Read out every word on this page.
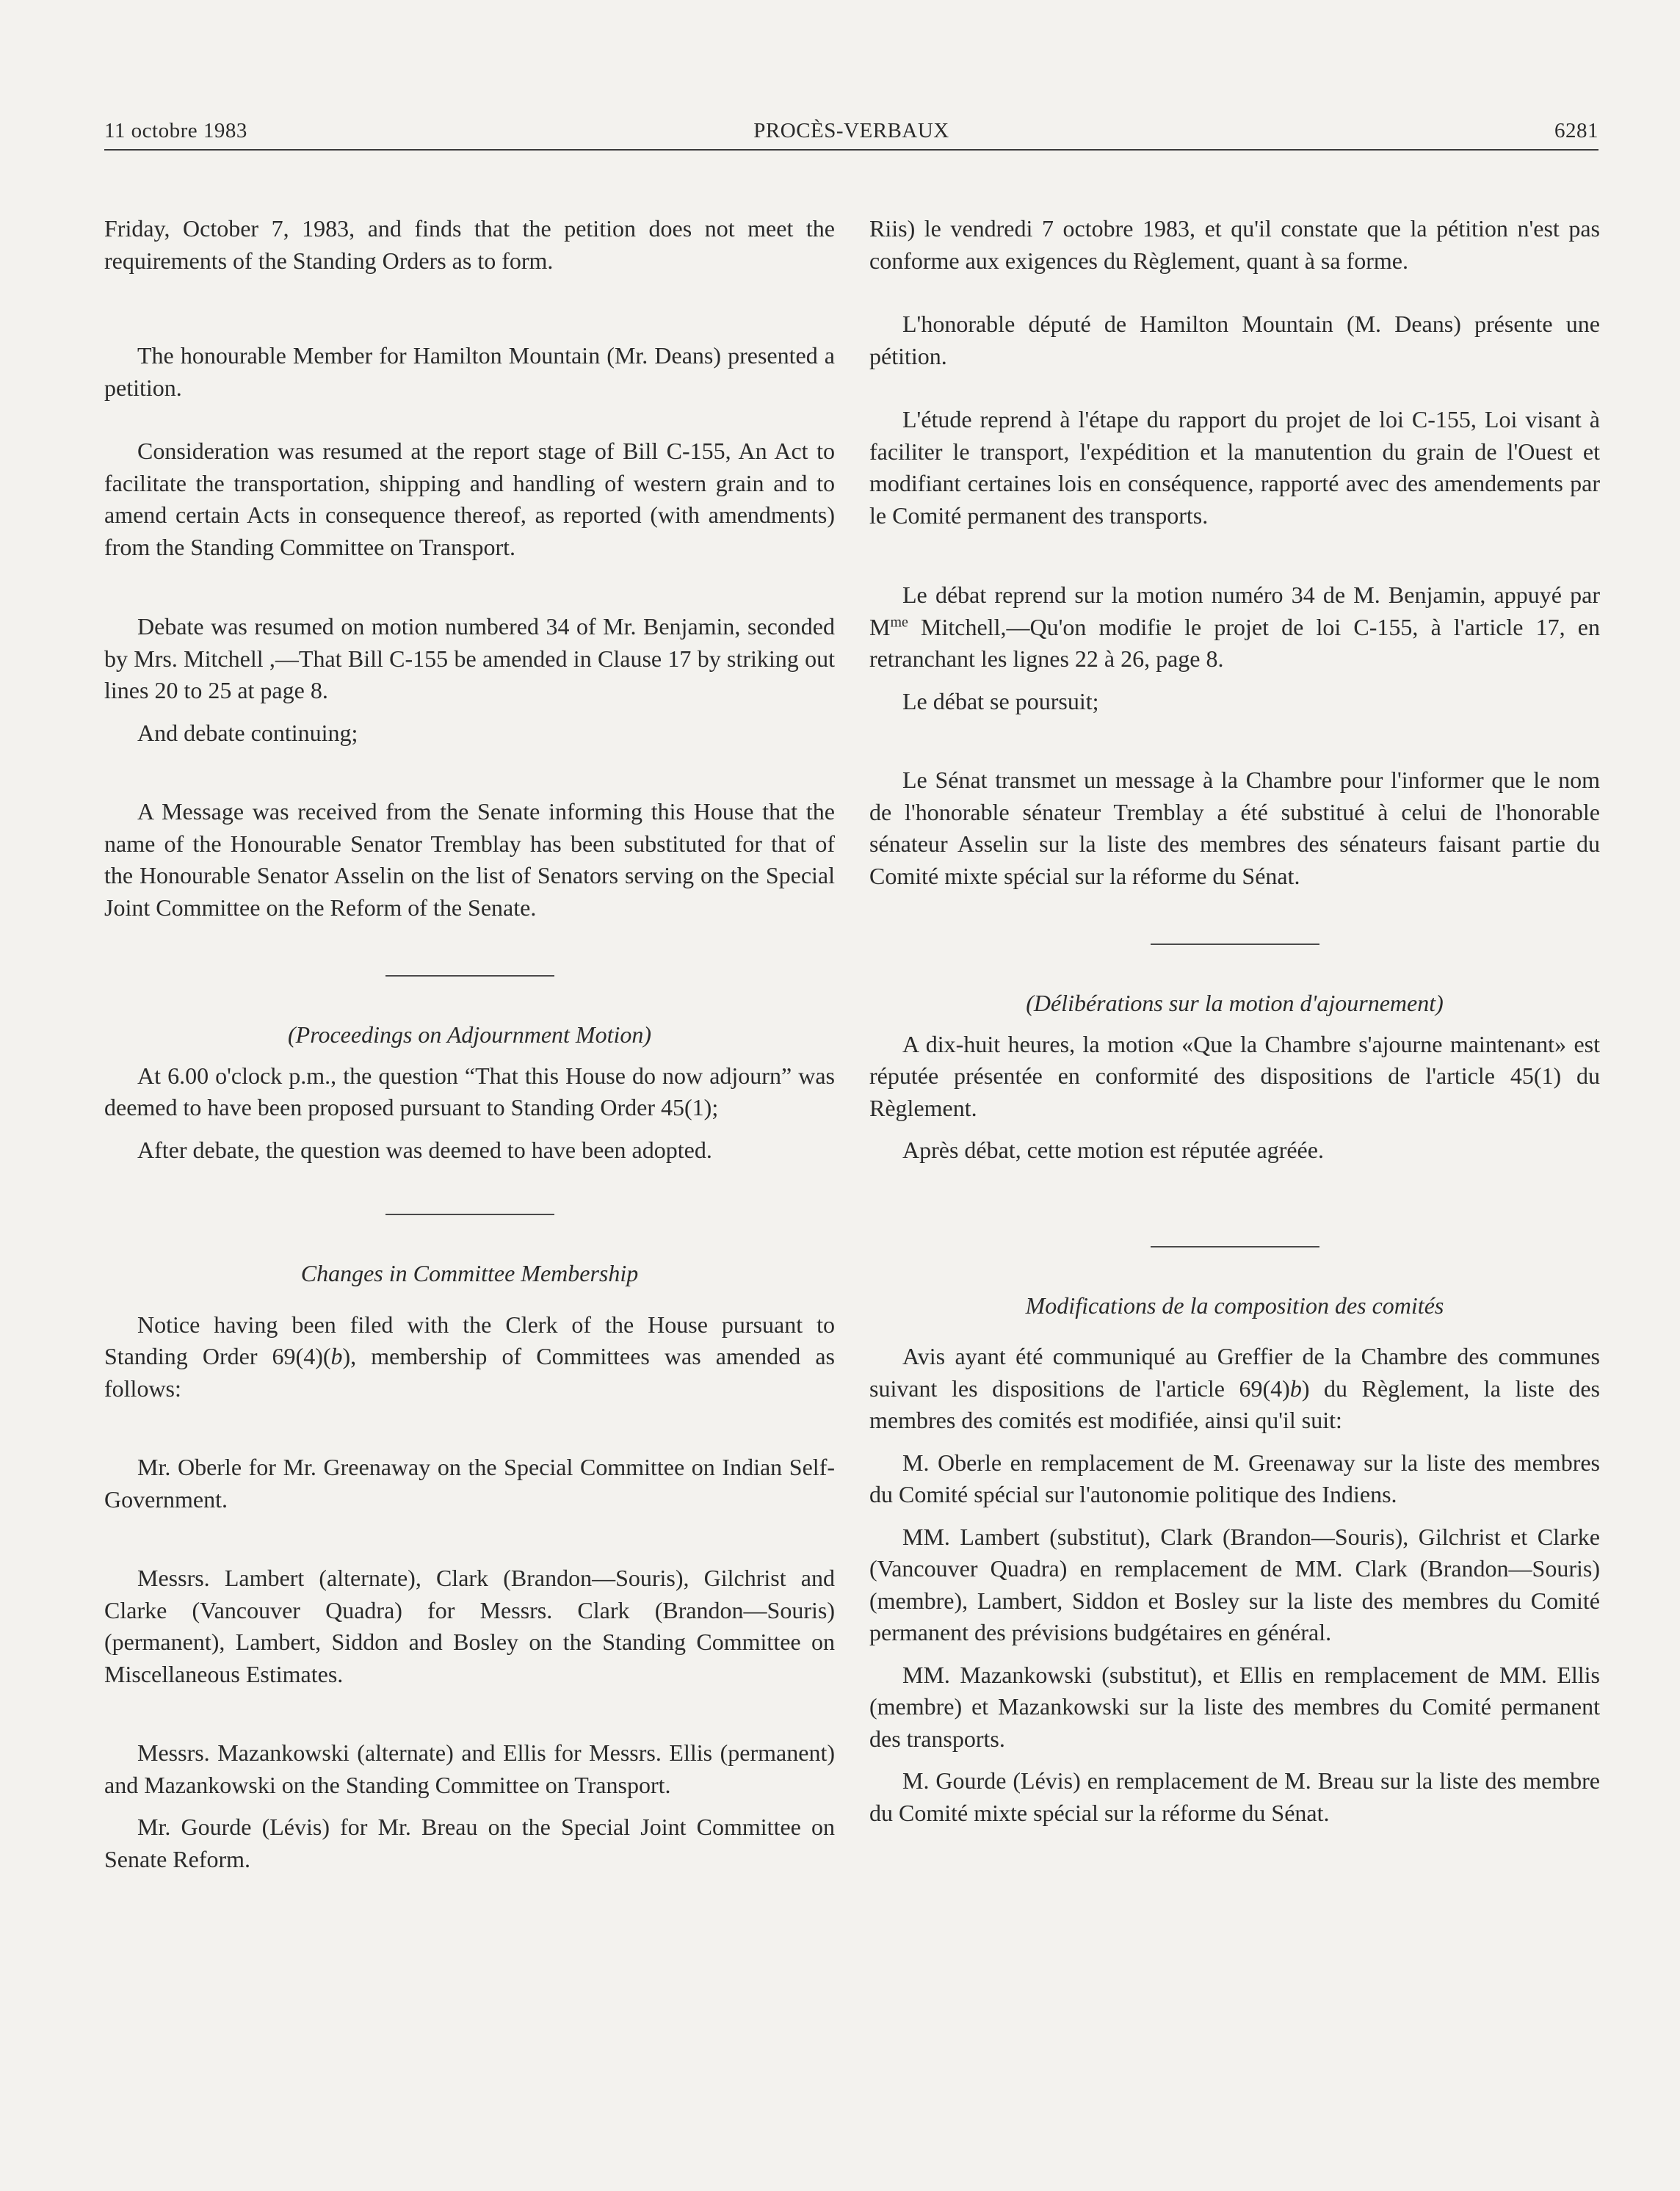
11 octobre 1983	PROCÈS-VERBAUX	6281

Friday, October 7, 1983, and finds that the petition does not meet the requirements of the Standing Orders as to form.

The honourable Member for Hamilton Mountain (Mr. Deans) presented a petition.

Consideration was resumed at the report stage of Bill C-155, An Act to facilitate the transportation, shipping and handling of western grain and to amend certain Acts in consequence thereof, as reported (with amendments) from the Standing Committee on Transport.

Debate was resumed on motion numbered 34 of Mr. Benjamin, seconded by Mrs. Mitchell ,—That Bill C-155 be amended in Clause 17 by striking out lines 20 to 25 at page 8.

And debate continuing;

A Message was received from the Senate informing this House that the name of the Honourable Senator Tremblay has been substituted for that of the Honourable Senator Asselin on the list of Senators serving on the Special Joint Committee on the Reform of the Senate.

(Proceedings on Adjournment Motion)

At 6.00 o'clock p.m., the question “That this House do now adjourn” was deemed to have been proposed pursuant to Standing Order 45(1);

After debate, the question was deemed to have been adopted.

Changes in Committee Membership

Notice having been filed with the Clerk of the House pursuant to Standing Order 69(4)(b), membership of Committees was amended as follows:

Mr. Oberle for Mr. Greenaway on the Special Committee on Indian Self-Government.

Messrs. Lambert (alternate), Clark (Brandon—Souris), Gilchrist and Clarke (Vancouver Quadra) for Messrs. Clark (Brandon—Souris) (permanent), Lambert, Siddon and Bosley on the Standing Committee on Miscellaneous Estimates.

Messrs. Mazankowski (alternate) and Ellis for Messrs. Ellis (permanent) and Mazankowski on the Standing Committee on Transport.

Mr. Gourde (Lévis) for Mr. Breau on the Special Joint Committee on Senate Reform.

Riis) le vendredi 7 octobre 1983, et qu'il constate que la pétition n'est pas conforme aux exigences du Règlement, quant à sa forme.

L'honorable député de Hamilton Mountain (M. Deans) présente une pétition.

L'étude reprend à l'étape du rapport du projet de loi C-155, Loi visant à faciliter le transport, l'expédition et la manutention du grain de l'Ouest et modifiant certaines lois en conséquence, rapporté avec des amendements par le Comité permanent des transports.

Le débat reprend sur la motion numéro 34 de M. Benjamin, appuyé par $M^{me}$ Mitchell,—Qu'on modifie le projet de loi C-155, à l'article 17, en retranchant les lignes 22 à 26, page 8.

Le débat se poursuit;

Le Sénat transmet un message à la Chambre pour l'informer que le nom de l'honorable sénateur Tremblay a été substitué à celui de l'honorable sénateur Asselin sur la liste des membres des sénateurs faisant partie du Comité mixte spécial sur la réforme du Sénat.

(Délibérations sur la motion d'ajournement)

A dix-huit heures, la motion «Que la Chambre s'ajourne maintenant» est réputée présentée en conformité des dispositions de l'article 45(1) du Règlement.

Après débat, cette motion est réputée agréée.

Modifications de la composition des comités

Avis ayant été communiqué au Greffier de la Chambre des communes suivant les dispositions de l'article 69(4)b) du Règlement, la liste des membres des comités est modifiée, ainsi qu'il suit:

M. Oberle en remplacement de M. Greenaway sur la liste des membres du Comité spécial sur l'autonomie politique des Indiens.

MM. Lambert (substitut), Clark (Brandon—Souris), Gilchrist et Clarke (Vancouver Quadra) en remplacement de MM. Clark (Brandon—Souris) (membre), Lambert, Siddon et Bosley sur la liste des membres du Comité permanent des prévisions budgétaires en général.

MM. Mazankowski (substitut), et Ellis en remplacement de MM. Ellis (membre) et Mazankowski sur la liste des membres du Comité permanent des transports.

M. Gourde (Lévis) en remplacement de M. Breau sur la liste des membre du Comité mixte spécial sur la réforme du Sénat.
